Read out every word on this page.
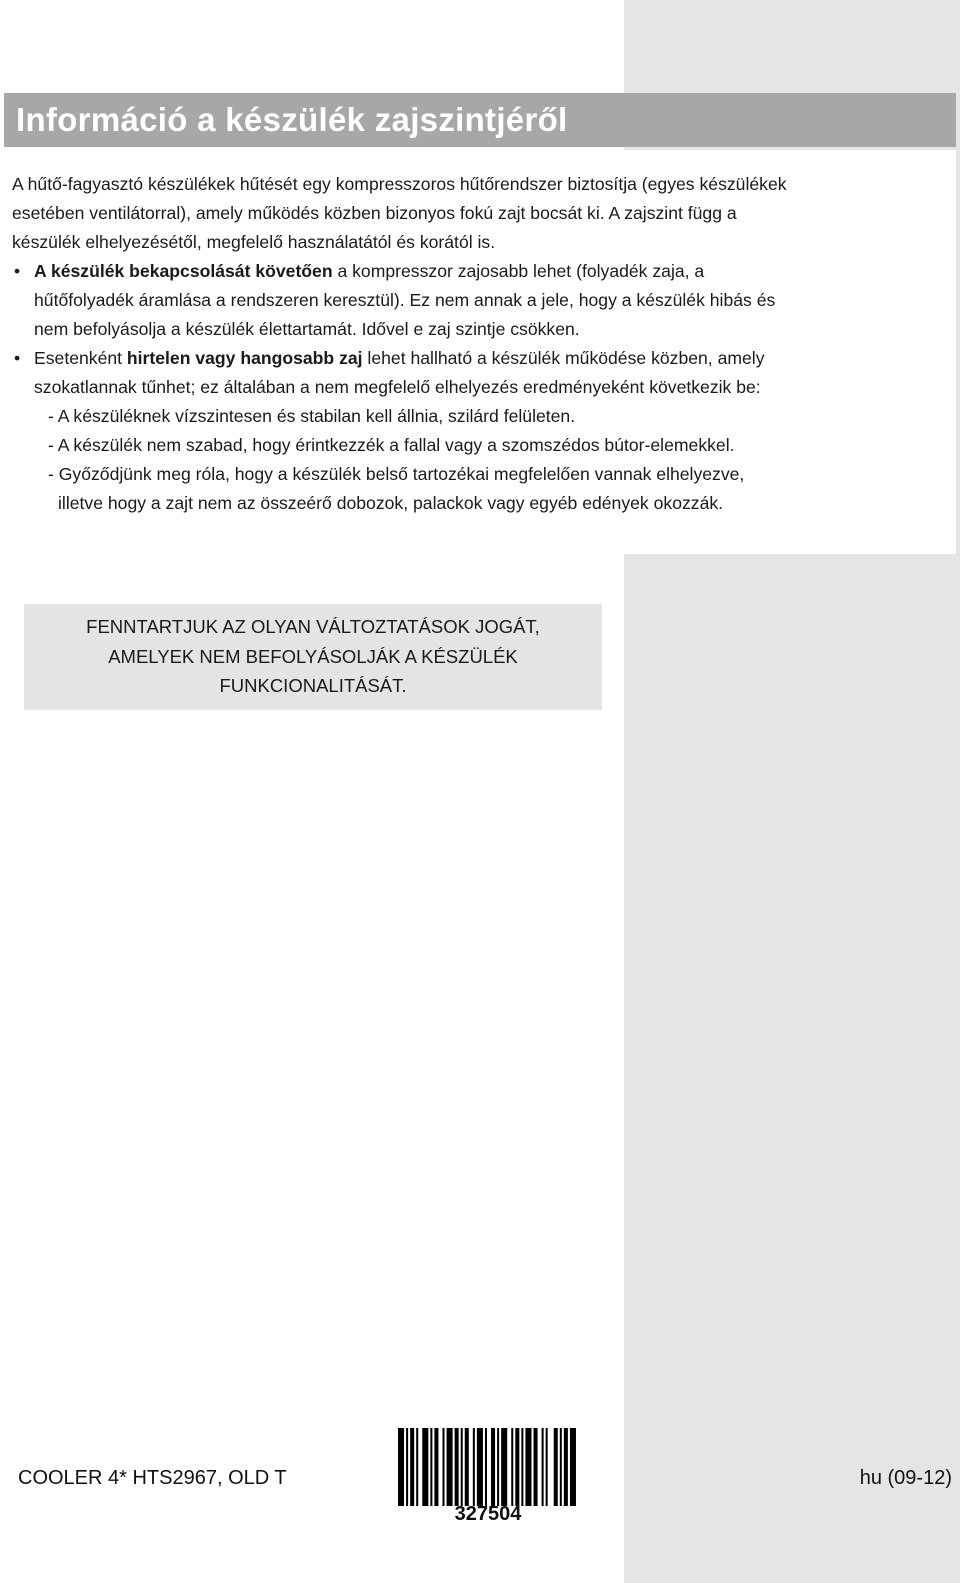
Információ a készülék zajszintjéről

A hűtő-fagyasztó készülékek hűtését egy kompresszoros hűtőrendszer biztosítja (egyes készülékek

esetében ventilátorral), amely működés közben bizonyos fokú zajt bocsát ki. A zajszint függ a

készülék elhelyezésétől, megfelelő használatától és korától is.

• A készülék bekapcsolását követően a kompresszor zajosabb lehet (folyadék zaja, a

hűtőfolyadék áramlása a rendszeren keresztül). Ez nem annak a jele, hogy a készülék hibás és

nem befolyásolja a készülék élettartamát. Idővel e zaj szintje csökken.

• Esetenként hirtelen vagy hangosabb zaj lehet hallható a készülék működése közben, amely

szokatlannak tűnhet; ez általában a nem megfelelő elhelyezés eredményeként következik be:

- A készüléknek vízszintesen és stabilan kell állnia, szilárd felületen.

- A készülék nem szabad, hogy érintkezzék a fallal vagy a szomszédos bútor-elemekkel.

- Győződjünk meg róla, hogy a készülék belső tartozékai megfelelően vannak elhelyezve,

illetve hogy a zajt nem az összeérő dobozok, palackok vagy egyéb edények okozzák.

FENNTARTJUK AZ OLYAN VÁLTOZTATÁSOK JOGÁT,
AMELYEK NEM BEFOLYÁSOLJÁK A KÉSZÜLÉK
FUNKCIONALITÁSÁT.
COOLER 4* HTS2967, OLD T
327504
hu (09-12)
